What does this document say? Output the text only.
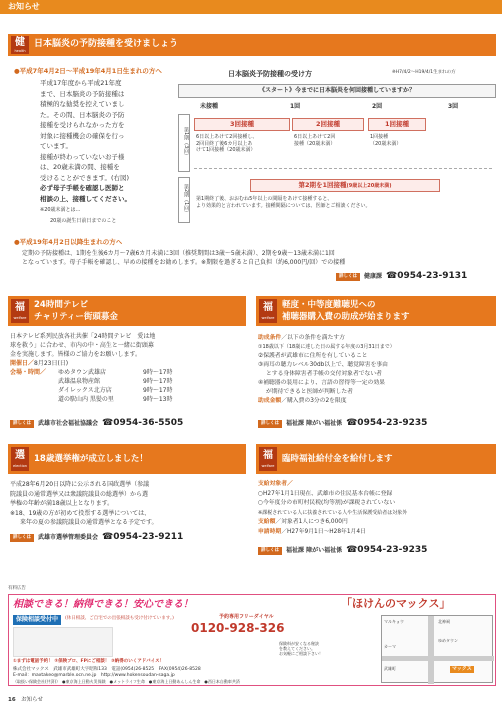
お知らせ
健
health
日本脳炎の予防接種を受けましょう
●平成7年4月2日～平成19年4月1日生まれの方へ
平成17年度から平成21年度
まで、日本脳炎の予防接種は
積極的な勧奨を控えていまし
た。その間、日本脳炎の予防
接種を受けられなかった方を
対象に接種機会の確保を行っ
ています。
接種が終わっていないお子様
は、20歳未満の間、接種を
受けることができます。(右図)
必ず母子手帳を確認し医師と
相談の上、接種してください。
※20歳未満とは…
20歳の誕生日前日までのこと
日本脳炎予防接種の受け方	※H7/4/2～H19/4/1生まれの方
《スタート》今までに日本脳炎を何回接種していますか？
未接種	1回	2回	3回
第1期（3回）
第2期（1回）
3回接種	2回接種	1回接種
6日以上あけて2回接種し、
2回目終了後6カ月以上あ
けて1回接種（20歳未満）
6日以上あけて2回
接種（20歳未満）
1回接種
（20歳未満）
第2期を1回接種(9歳以上20歳未満)
第1期終了後、おおむね5年以上の間隔をあけて接種すると、
より効果的と言われています。接種間隔については、医師とご相談ください。
●平成19年4月2日以降生まれの方へ
定期の予防接種は、1期を生後6カ月～7歳6カ月未満に3回（推奨期間は3歳～5歳未満）、2期を9歳～13歳未満に1回
となっています。母子手帳を確認し、早めの接種をお勧めします。※期限を過ぎると自己負担（約6,000円/回）での接種
詳しくは	健康課 ☎0954-23-9131
福
welfare
24時間テレビ
チャリティー街頭募金
日本テレビ系列民放各社共催「24時間テレビ　愛は地
球を救う」に合わせ、市内の中・高生と一緒に街頭募
金を実施します。皆様のご協力をお願いします。
開催日／8月23日(日)
会場・時間／	ゆめタウン武雄店	9時～17時
武雄温泉物産館	9時～17時
ダイレックス北方店	9時～17時
道の駅山内 黒髪の里	9時～13時
詳しくは	武雄市社会福祉協議会 ☎0954-36-5505
福
welfare
軽度・中等度難聴児への
補聴器購入費の助成が始まります
助成条件／以下の条件を満たす方
①18歳以下（18歳に達した日の属する年度の3月31日まで）
②保護者が武雄市に住所を有していること
③両耳の聴力レベル30db以上で、聴覚障害を事由
とする身体障害者手帳の交付対象者でない者
④補聴器の装用により、言語の習得等一定の効果
が期待できると医師が判断した者
助成金額／購入費の3分の2を限度
詳しくは	福祉課 障がい福祉係 ☎0954-23-9235
選
election
18歳選挙権が成立しました！
平成28年6月20日以降に公示される国政選挙（参議
院議員の通常選挙又は衆議院議員の総選挙）から選
挙権の年齢が満18歳以上となります。
※18、19歳の方が初めて投票する選挙については、
来年の夏の参議院議員の通常選挙となる予定です。
詳しくは	武雄市選挙管理委員会 ☎0954-23-9211
福
welfare
臨時福祉給付金を給付します
支給対象者／
○H27年1月1日現在、武雄市の住民基本台帳に登録
○今年度分の市町村民税(均等割)が課税されていない
※課税されている人に扶養されている人や生活保護受給者は対象外
支給額／対象者1人につき6,000円
申請時期／H27年9月1日～H28年1月4日
詳しくは	福祉課 障がい福祉係 ☎0954-23-9235
有料広告
相談できる！納得できる！安心できる！	「ほけんのマックス」
保険相談受付中	(休日相談、ご自宅での出張相談も受け付けています。)	予約専用フリーダイヤル
0120-928-326
保険料が安くなる秘訣
を教えてください。
お気軽にご相談下さい！
①まずは電話予約！ ②保険ブロ、FPにご相談！ ③納得のいくアドバイス！
株式会社マックス　武雄市武雄町大字昭和133　電話(0954)26-8525　FAX(0954)26-8528
E-mail：maxtakeo@marble.ocn.ne.jp　http://www.hokensoudan-saga.jp
（取扱い保険会社(共済)）　●東京海上日動火災保険　●メットライフ生命　●東京海上日動あんしん生命　●西日本自動車共済
マルキョウ	北神祠
ゆめタウン
カーマ
武雄町	マックス
16　 お知らせ
